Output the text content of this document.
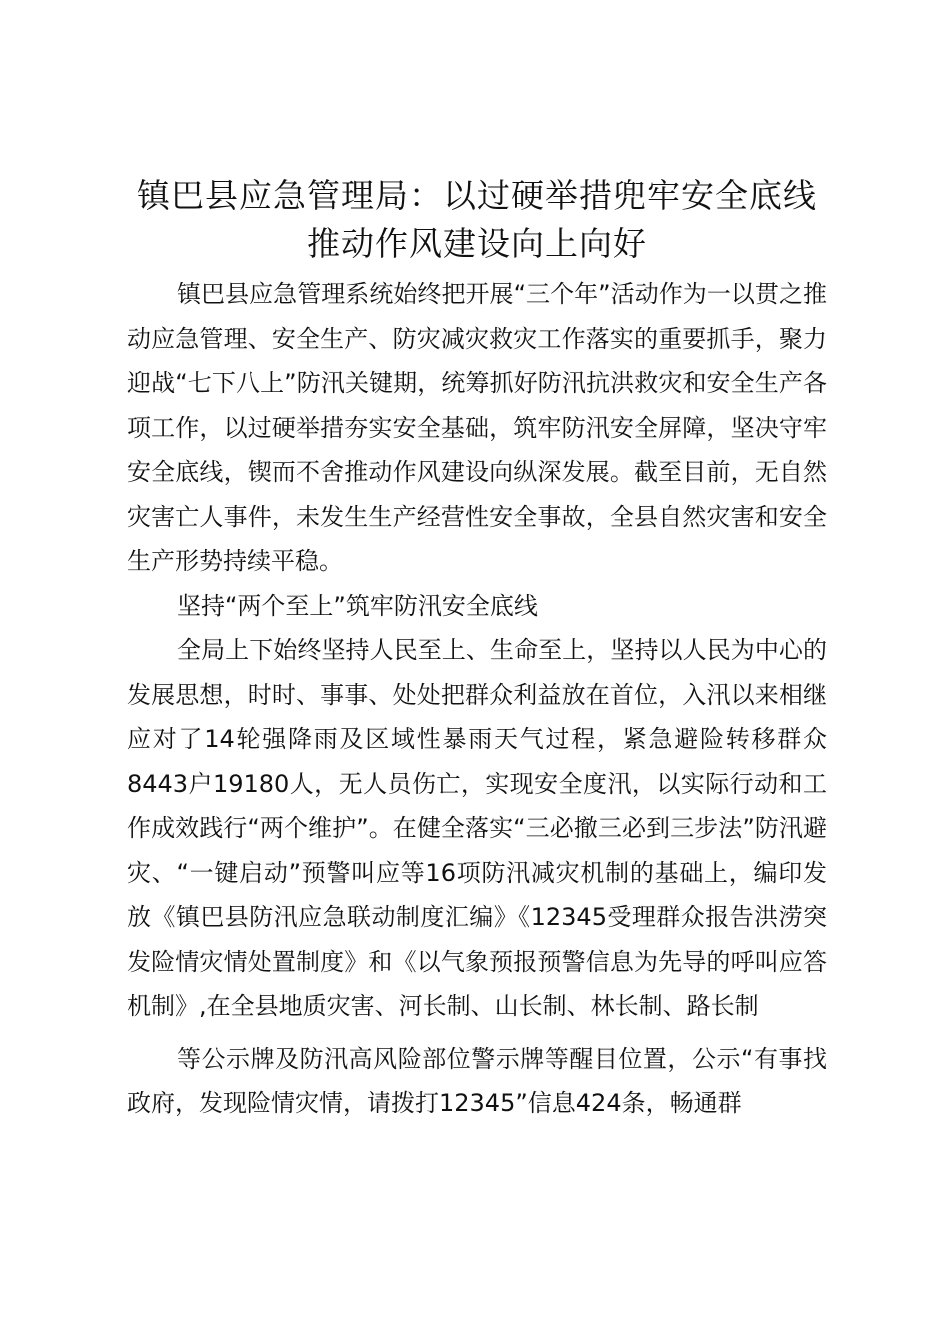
镇巴县应急管理局：以过硬举措兜牢安全底线
推动作风建设向上向好

镇巴县应急管理系统始终把开展“三个年”活动作为一以贯之推动应急管理、安全生产、防灾减灾救灾工作落实的重要抓手，聚力迎战“七下八上”防汛关键期，统筹抓好防汛抗洪救灾和安全生产各项工作，以过硬举措夯实安全基础，筑牢防汛安全屏障，坚决守牢安全底线，锲而不舍推动作风建设向纵深发展。截至目前，无自然灾害亡人事件，未发生生产经营性安全事故，全县自然灾害和安全生产形势持续平稳。

坚持“两个至上”筑牢防汛安全底线

全局上下始终坚持人民至上、生命至上，坚持以人民为中心的发展思想，时时、事事、处处把群众利益放在首位，入汛以来相继应对了14轮强降雨及区域性暴雨天气过程，紧急避险转移群众8443户19180人，无人员伤亡，实现安全度汛，以实际行动和工作成效践行“两个维护”。在健全落实“三必撤三必到三步法”防汛避灾、“一键启动”预警叫应等16项防汛减灾机制的基础上，编印发放《镇巴县防汛应急联动制度汇编》《12345受理群众报告洪涝突发险情灾情处置制度》和《以气象预报预警信息为先导的呼叫应答机制》,在全县地质灾害、河长制、山长制、林长制、路长制

等公示牌及防汛高风险部位警示牌等醒目位置，公示“有事找政府，发现险情灾情，请拨打12345”信息424条，畅通群
